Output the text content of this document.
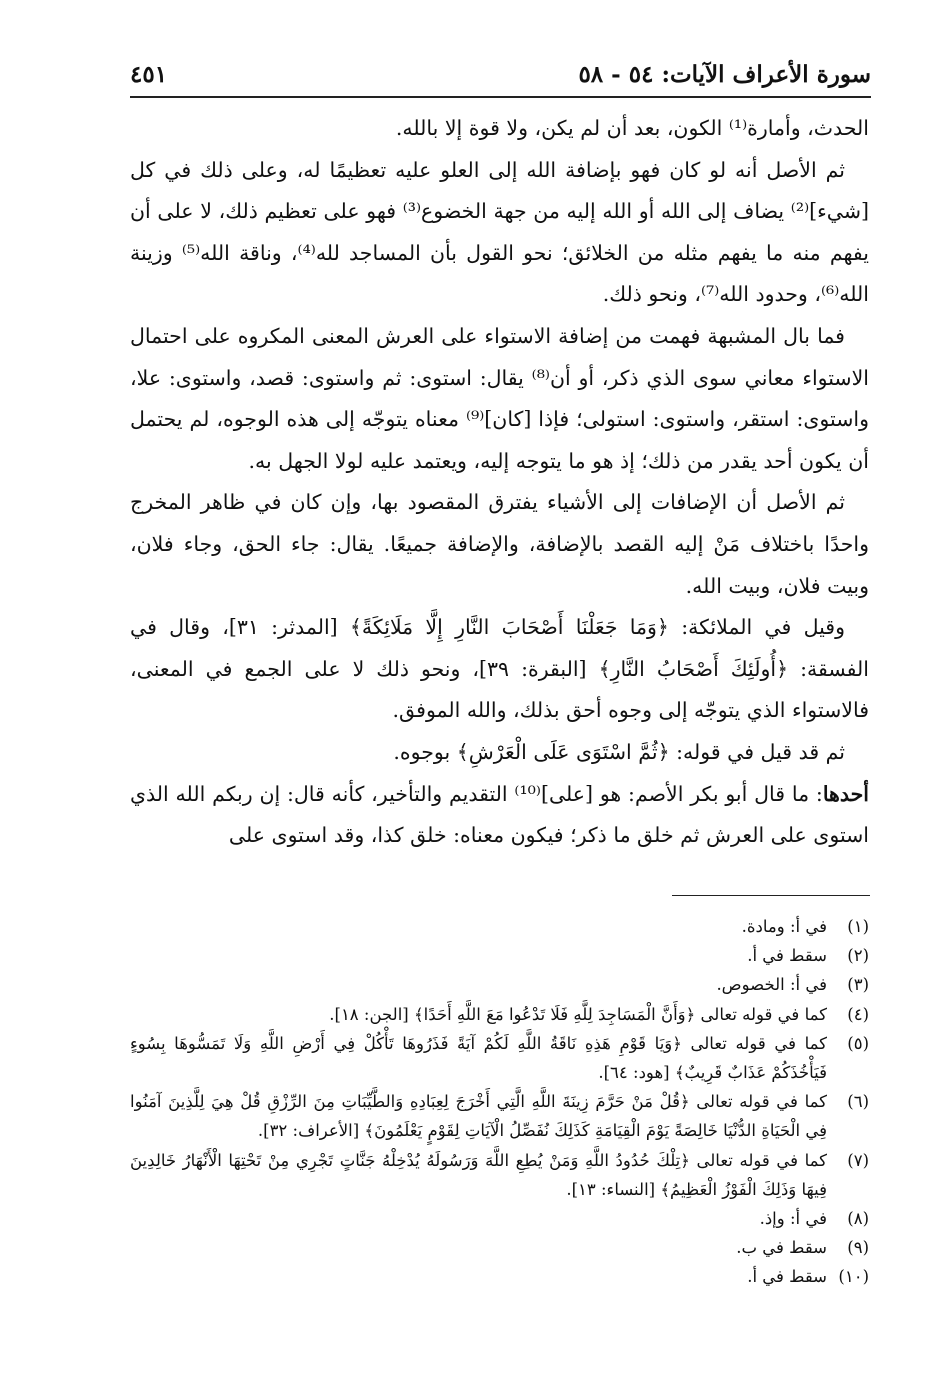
٤٥١	سورة الأعراف الآيات: ٥٤ - ٥٨

الحدث، وأمارة⁽¹⁾ الكون، بعد أن لم يكن، ولا قوة إلا بالله.

ثم الأصل أنه لو كان فهو بإضافة الله إلى العلو عليه تعظيمًا له، وعلى ذلك في كل [شيء]⁽²⁾ يضاف إلى الله أو الله إليه من جهة الخضوع⁽³⁾ فهو على تعظيم ذلك، لا على أن يفهم منه ما يفهم مثله من الخلائق؛ نحو القول بأن المساجد لله⁽⁴⁾، وناقة الله⁽⁵⁾ وزينة الله⁽⁶⁾، وحدود الله⁽⁷⁾، ونحو ذلك.

فما بال المشبهة فهمت من إضافة الاستواء على العرش المعنى المكروه على احتمال الاستواء معاني سوى الذي ذكر، أو أن⁽⁸⁾ يقال: استوى: ثم واستوى: قصد، واستوى: علا، واستوى: استقر، واستوى: استولى؛ فإذا [كان]⁽⁹⁾ معناه يتوجّه إلى هذه الوجوه، لم يحتمل أن يكون أحد يقدر من ذلك؛ إذ هو ما يتوجه إليه، ويعتمد عليه لولا الجهل به.

ثم الأصل أن الإضافات إلى الأشياء يفترق المقصود بها، وإن كان في ظاهر المخرج واحدًا باختلاف مَنْ إليه القصد بالإضافة، والإضافة جميعًا. يقال: جاء الحق، وجاء فلان، وبيت فلان، وبيت الله.

وقيل في الملائكة: ﴿وَمَا جَعَلْنَا أَصْحَابَ النَّارِ إِلَّا مَلَائِكَةً﴾ [المدثر: ٣١]، وقال في الفسقة: ﴿أُولَئِكَ أَصْحَابُ النَّارِ﴾ [البقرة: ٣٩]، ونحو ذلك لا على الجمع في المعنى، فالاستواء الذي يتوجّه إلى وجوه أحق بذلك، والله الموفق.

ثم قد قيل في قوله: ﴿ثُمَّ اسْتَوَى عَلَى الْعَرْشِ﴾ بوجوه.

أحدها: ما قال أبو بكر الأصم: هو [على]⁽¹⁰⁾ التقديم والتأخير، كأنه قال: إن ربكم الله الذي استوى على العرش ثم خلق ما ذكر؛ فيكون معناه: خلق كذا، وقد استوى على

(١)
في أ: ومادة.
(٢)
سقط في أ.
(٣)
في أ: الخصوص.
(٤)
كما في قوله تعالى ﴿وَأَنَّ الْمَسَاجِدَ لِلَّهِ فَلَا تَدْعُوا مَعَ اللَّهِ أَحَدًا﴾ [الجن: ١٨].
(٥)
كما في قوله تعالى ﴿وَيَا قَوْمِ هَذِهِ نَاقَةُ اللَّهِ لَكُمْ آيَةً فَذَرُوهَا تَأْكُلْ فِي أَرْضِ اللَّهِ وَلَا تَمَسُّوهَا بِسُوءٍ فَيَأْخُذَكُمْ عَذَابٌ قَرِيبٌ﴾ [هود: ٦٤].
(٦)
كما في قوله تعالى ﴿قُلْ مَنْ حَرَّمَ زِينَةَ اللَّهِ الَّتِي أَخْرَجَ لِعِبَادِهِ وَالطَّيِّبَاتِ مِنَ الرِّزْقِ قُلْ هِيَ لِلَّذِينَ آمَنُوا فِي الْحَيَاةِ الدُّنْيَا خَالِصَةً يَوْمَ الْقِيَامَةِ كَذَلِكَ نُفَصِّلُ الْآيَاتِ لِقَوْمٍ يَعْلَمُونَ﴾ [الأعراف: ٣٢].
(٧)
كما في قوله تعالى ﴿تِلْكَ حُدُودُ اللَّهِ وَمَنْ يُطِعِ اللَّهَ وَرَسُولَهُ يُدْخِلْهُ جَنَّاتٍ تَجْرِي مِنْ تَحْتِهَا الْأَنْهَارُ خَالِدِينَ فِيهَا وَذَلِكَ الْفَوْزُ الْعَظِيمُ﴾ [النساء: ١٣].
(٨)
في أ: وإذ.
(٩)
سقط في ب.
(١٠)
سقط في أ.
